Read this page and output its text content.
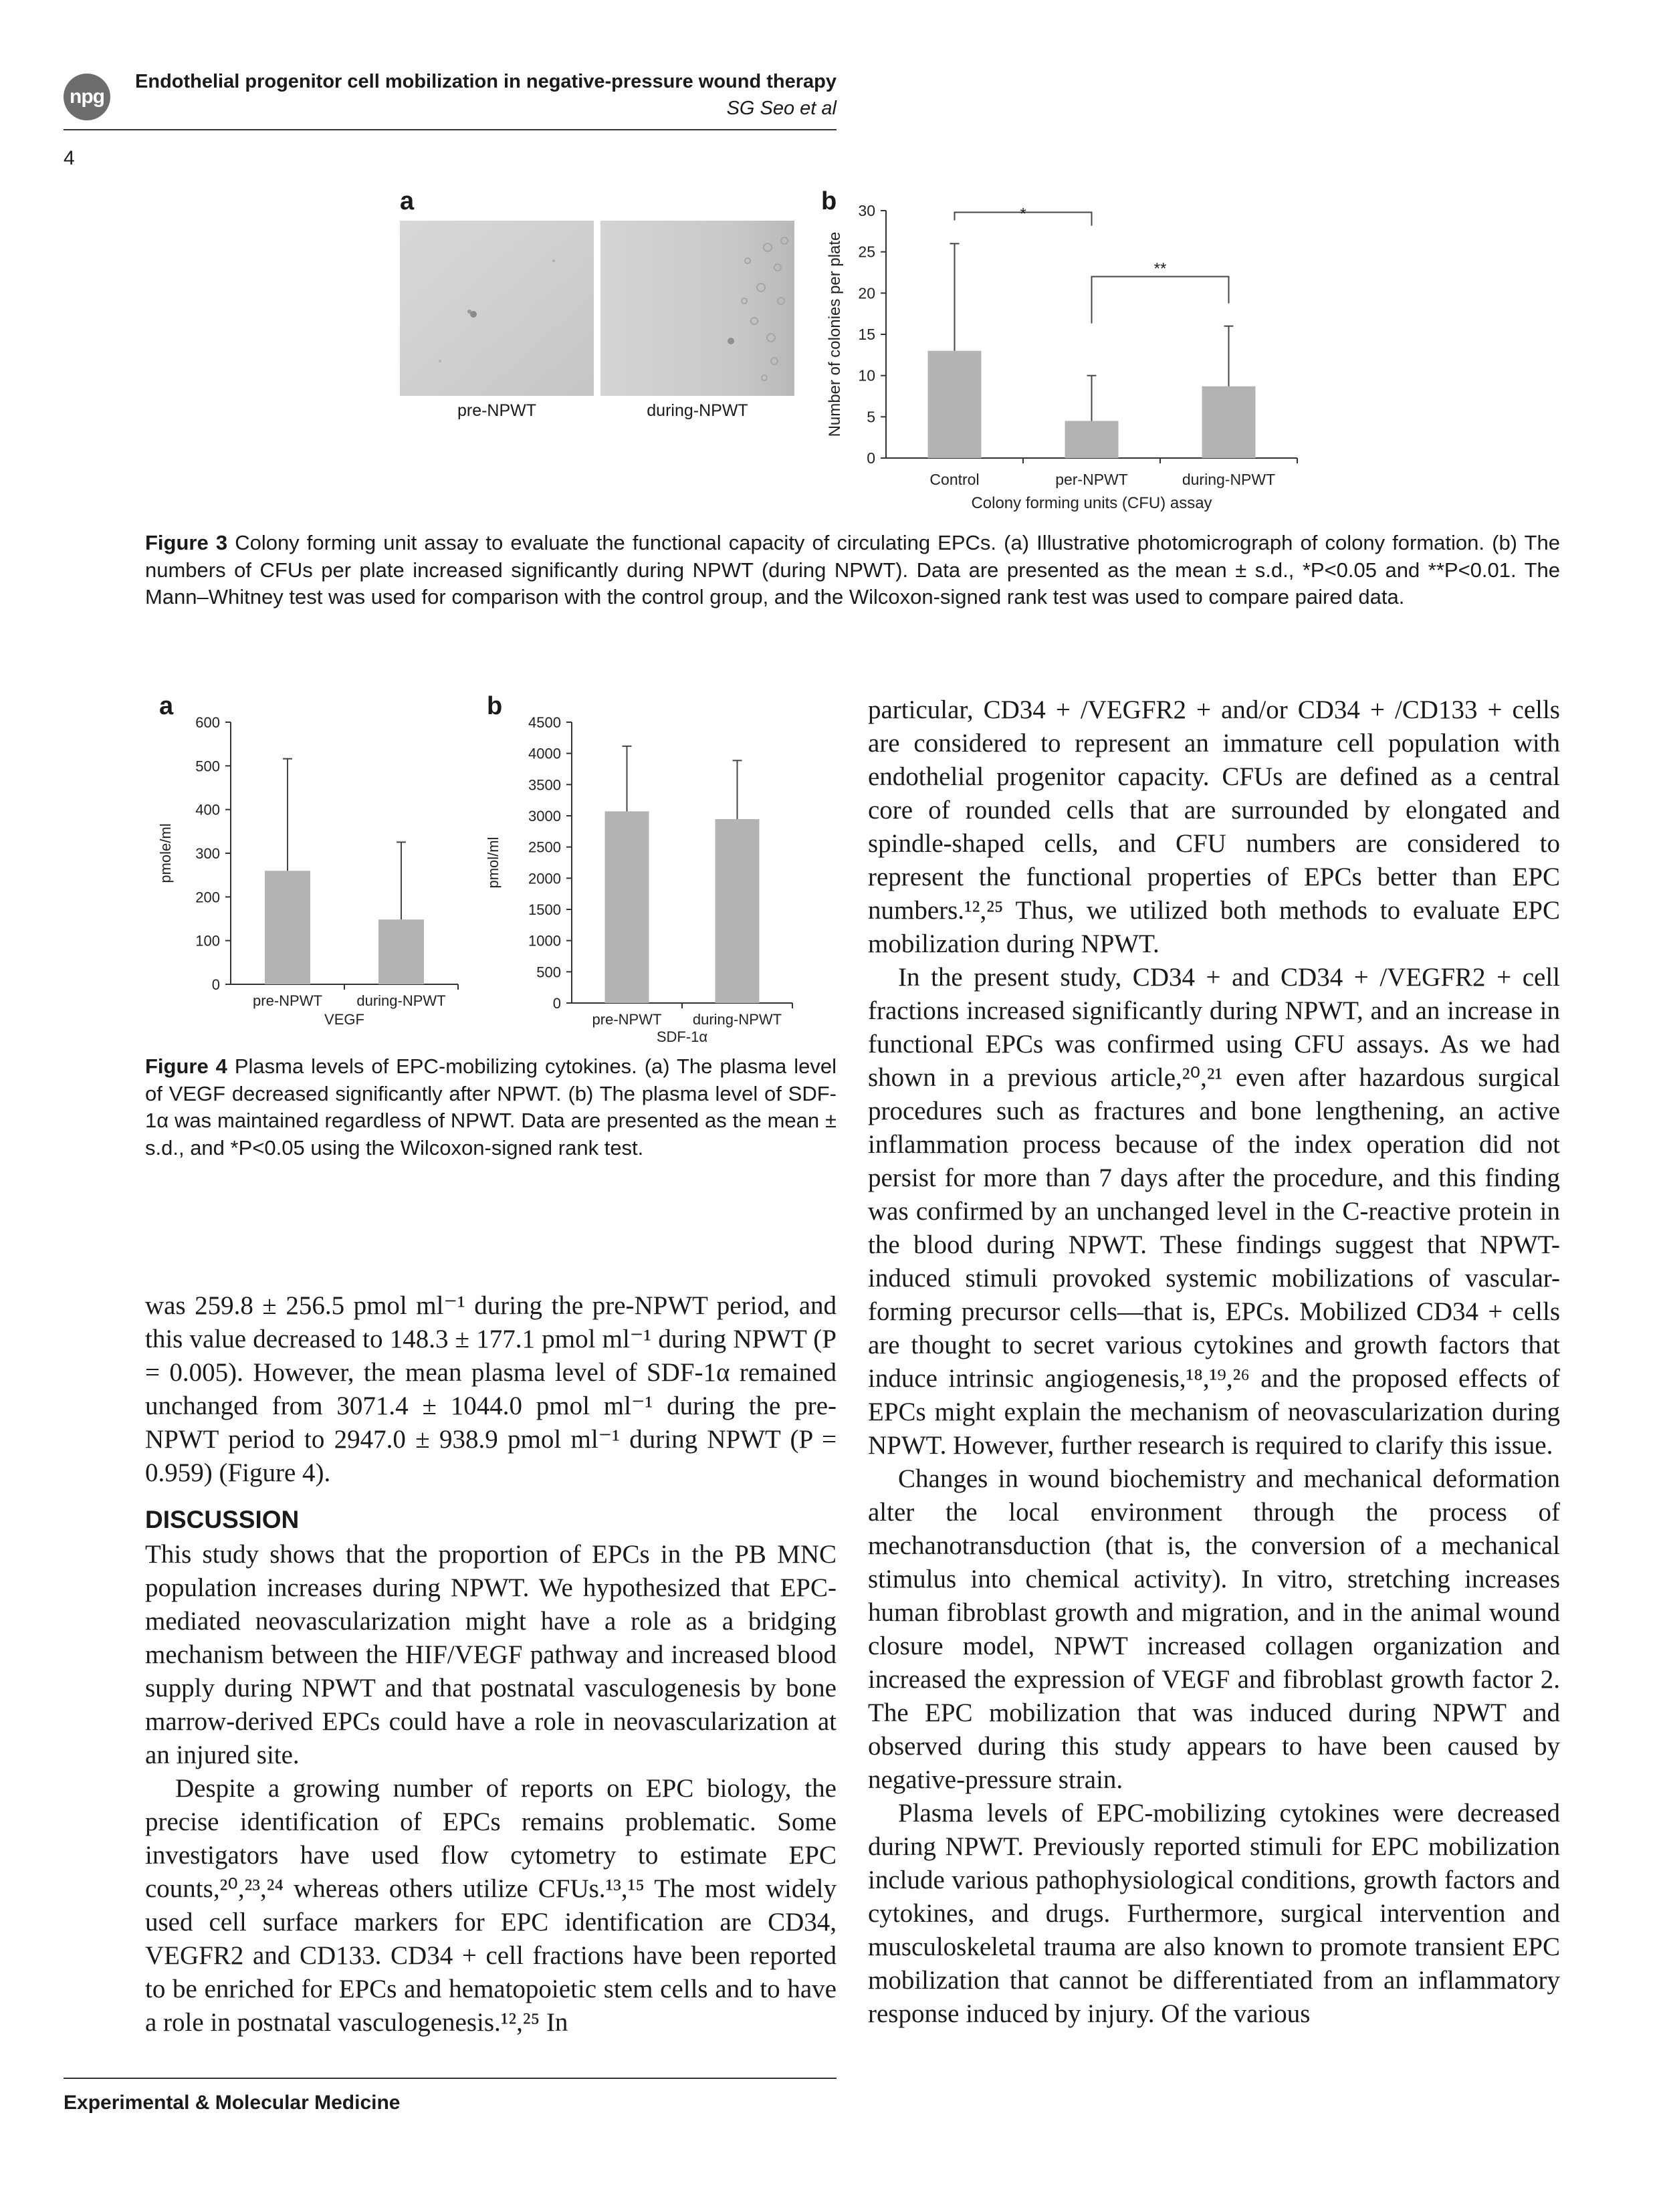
npg
Endothelial progenitor cell mobilization in negative-pressure wound therapy
SG Seo et al
4
a	b
pre-NPWT	during-NPWT
0
5
10
15
20
25
30
Control	per-NPWT	during-NPWT
Number of colonies per plate
Colony forming units (CFU) assay
*
**
Figure 3 Colony forming unit assay to evaluate the functional capacity of circulating EPCs. (a) Illustrative photomicrograph of colony formation. (b) The numbers of CFUs per plate increased significantly during NPWT (during NPWT). Data are presented as the mean ± s.d., *P<0.05 and **P<0.01. The Mann–Whitney test was used for comparison with the control group, and the Wilcoxon-signed rank test was used to compare paired data.
a	b
0
100
200
300
400
500
600
pre-NPWT during-NPWT
pmole/ml
VEGF
0
500
1000
1500
2000
2500
3000
3500
4000
4500
pre-NPWT during-NPWT
pmol/ml
SDF-1α
Figure 4 Plasma levels of EPC-mobilizing cytokines. (a) The plasma level of VEGF decreased significantly after NPWT. (b) The plasma level of SDF-1α was maintained regardless of NPWT. Data are presented as the mean ± s.d., and *P<0.05 using the Wilcoxon-signed rank test.

was 259.8 ± 256.5 pmol ml⁻¹ during the pre-NPWT period, and this value decreased to 148.3 ± 177.1 pmol ml⁻¹ during NPWT (P = 0.005). However, the mean plasma level of SDF-1α remained unchanged from 3071.4 ± 1044.0 pmol ml⁻¹ during the pre-NPWT period to 2947.0 ± 938.9 pmol ml⁻¹ during NPWT (P = 0.959) (Figure 4).

DISCUSSION

This study shows that the proportion of EPCs in the PB MNC population increases during NPWT. We hypothesized that EPC-mediated neovascularization might have a role as a bridging mechanism between the HIF/VEGF pathway and increased blood supply during NPWT and that postnatal vasculogenesis by bone marrow-derived EPCs could have a role in neovascularization at an injured site.

Despite a growing number of reports on EPC biology, the precise identification of EPCs remains problematic. Some investigators have used flow cytometry to estimate EPC counts,²⁰,²³,²⁴ whereas others utilize CFUs.¹³,¹⁵ The most widely used cell surface markers for EPC identification are CD34, VEGFR2 and CD133. CD34 + cell fractions have been reported to be enriched for EPCs and hematopoietic stem cells and to have a role in postnatal vasculogenesis.¹²,²⁵ In

particular, CD34 + /VEGFR2 + and/or CD34 + /CD133 + cells are considered to represent an immature cell population with endothelial progenitor capacity. CFUs are defined as a central core of rounded cells that are surrounded by elongated and spindle-shaped cells, and CFU numbers are considered to represent the functional properties of EPCs better than EPC numbers.¹²,²⁵ Thus, we utilized both methods to evaluate EPC mobilization during NPWT.

In the present study, CD34 + and CD34 + /VEGFR2 + cell fractions increased significantly during NPWT, and an increase in functional EPCs was confirmed using CFU assays. As we had shown in a previous article,²⁰,²¹ even after hazardous surgical procedures such as fractures and bone lengthening, an active inflammation process because of the index operation did not persist for more than 7 days after the procedure, and this finding was confirmed by an unchanged level in the C-reactive protein in the blood during NPWT. These findings suggest that NPWT-induced stimuli provoked systemic mobilizations of vascular-forming precursor cells—that is, EPCs. Mobilized CD34 + cells are thought to secret various cytokines and growth factors that induce intrinsic angiogenesis,¹⁸,¹⁹,²⁶ and the proposed effects of EPCs might explain the mechanism of neovascularization during NPWT. However, further research is required to clarify this issue.

Changes in wound biochemistry and mechanical deformation alter the local environment through the process of mechanotransduction (that is, the conversion of a mechanical stimulus into chemical activity). In vitro, stretching increases human fibroblast growth and migration, and in the animal wound closure model, NPWT increased collagen organization and increased the expression of VEGF and fibroblast growth factor 2. The EPC mobilization that was induced during NPWT and observed during this study appears to have been caused by negative-pressure strain.

Plasma levels of EPC-mobilizing cytokines were decreased during NPWT. Previously reported stimuli for EPC mobilization include various pathophysiological conditions, growth factors and cytokines, and drugs. Furthermore, surgical intervention and musculoskeletal trauma are also known to promote transient EPC mobilization that cannot be differentiated from an inflammatory response induced by injury. Of the various

Experimental & Molecular Medicine
